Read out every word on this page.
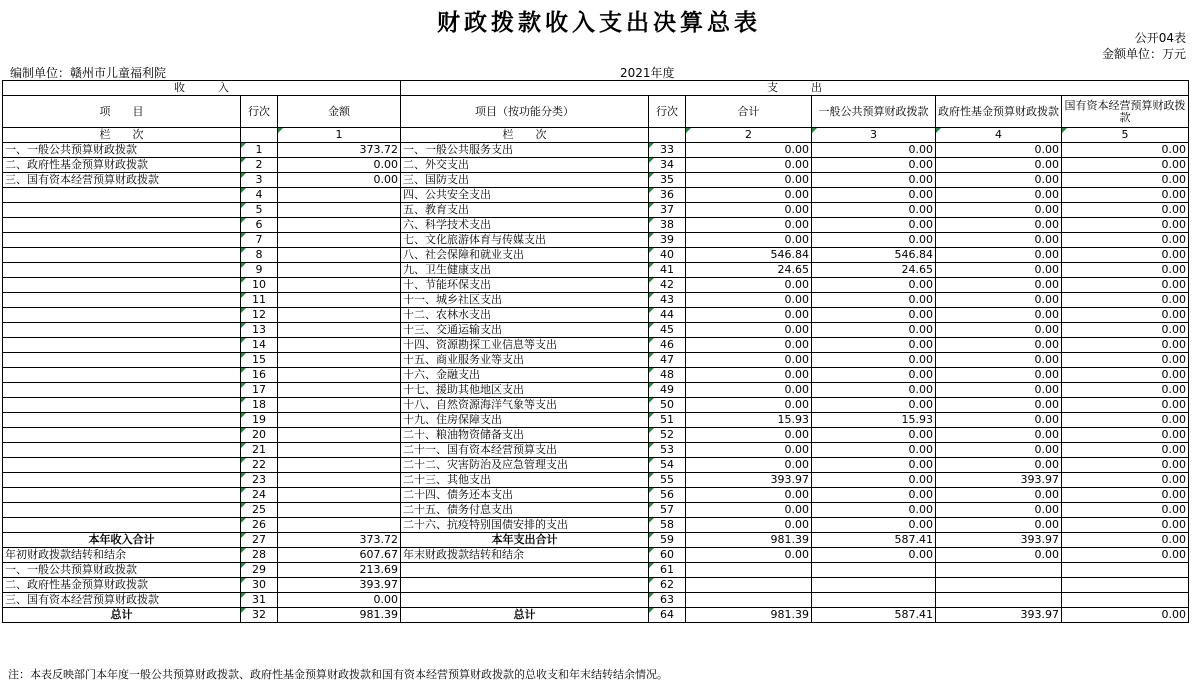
财政拨款收入支出决算总表
公开04表
金额单位：万元
编制单位：赣州市儿童福利院	2021年度
收　　　入			支　　　出					
项　　目	行次	金额	项目（按功能分类）	行次	合计	一般公共预算财政拨款	政府性基金预算财政拨款	国有资本经营预算财政拨款
栏　　次		1	栏　　次		2	3	4	5
一、一般公共预算财政拨款	1	373.72	一、一般公共服务支出	33	0.00	0.00	0.00	0.00
二、政府性基金预算财政拨款	2	0.00	二、外交支出	34	0.00	0.00	0.00	0.00
三、国有资本经营预算财政拨款	3	0.00	三、国防支出	35	0.00	0.00	0.00	0.00
	4		四、公共安全支出	36	0.00	0.00	0.00	0.00
	5		五、教育支出	37	0.00	0.00	0.00	0.00
	6		六、科学技术支出	38	0.00	0.00	0.00	0.00
	7		七、文化旅游体育与传媒支出	39	0.00	0.00	0.00	0.00
	8		八、社会保障和就业支出	40	546.84	546.84	0.00	0.00
	9		九、卫生健康支出	41	24.65	24.65	0.00	0.00
	10		十、节能环保支出	42	0.00	0.00	0.00	0.00
	11		十一、城乡社区支出	43	0.00	0.00	0.00	0.00
	12		十二、农林水支出	44	0.00	0.00	0.00	0.00
	13		十三、交通运输支出	45	0.00	0.00	0.00	0.00
	14		十四、资源勘探工业信息等支出	46	0.00	0.00	0.00	0.00
	15		十五、商业服务业等支出	47	0.00	0.00	0.00	0.00
	16		十六、金融支出	48	0.00	0.00	0.00	0.00
	17		十七、援助其他地区支出	49	0.00	0.00	0.00	0.00
	18		十八、自然资源海洋气象等支出	50	0.00	0.00	0.00	0.00
	19		十九、住房保障支出	51	15.93	15.93	0.00	0.00
	20		二十、粮油物资储备支出	52	0.00	0.00	0.00	0.00
	21		二十一、国有资本经营预算支出	53	0.00	0.00	0.00	0.00
	22		二十二、灾害防治及应急管理支出	54	0.00	0.00	0.00	0.00
	23		二十三、其他支出	55	393.97	0.00	393.97	0.00
	24		二十四、债务还本支出	56	0.00	0.00	0.00	0.00
	25		二十五、债务付息支出	57	0.00	0.00	0.00	0.00
	26		二十六、抗疫特别国债安排的支出	58	0.00	0.00	0.00	0.00
本年收入合计	27	373.72	本年支出合计	59	981.39	587.41	393.97	0.00
年初财政拨款结转和结余	28	607.67	年末财政拨款结转和结余	60	0.00	0.00	0.00	0.00
一、一般公共预算财政拨款	29	213.69		61				
二、政府性基金预算财政拨款	30	393.97		62				
三、国有资本经营预算财政拨款	31	0.00		63				
总计	32	981.39	总计	64	981.39	587.41	393.97	0.00
注：本表反映部门本年度一般公共预算财政拨款、政府性基金预算财政拨款和国有资本经营预算财政拨款的总收支和年末结转结余情况。
